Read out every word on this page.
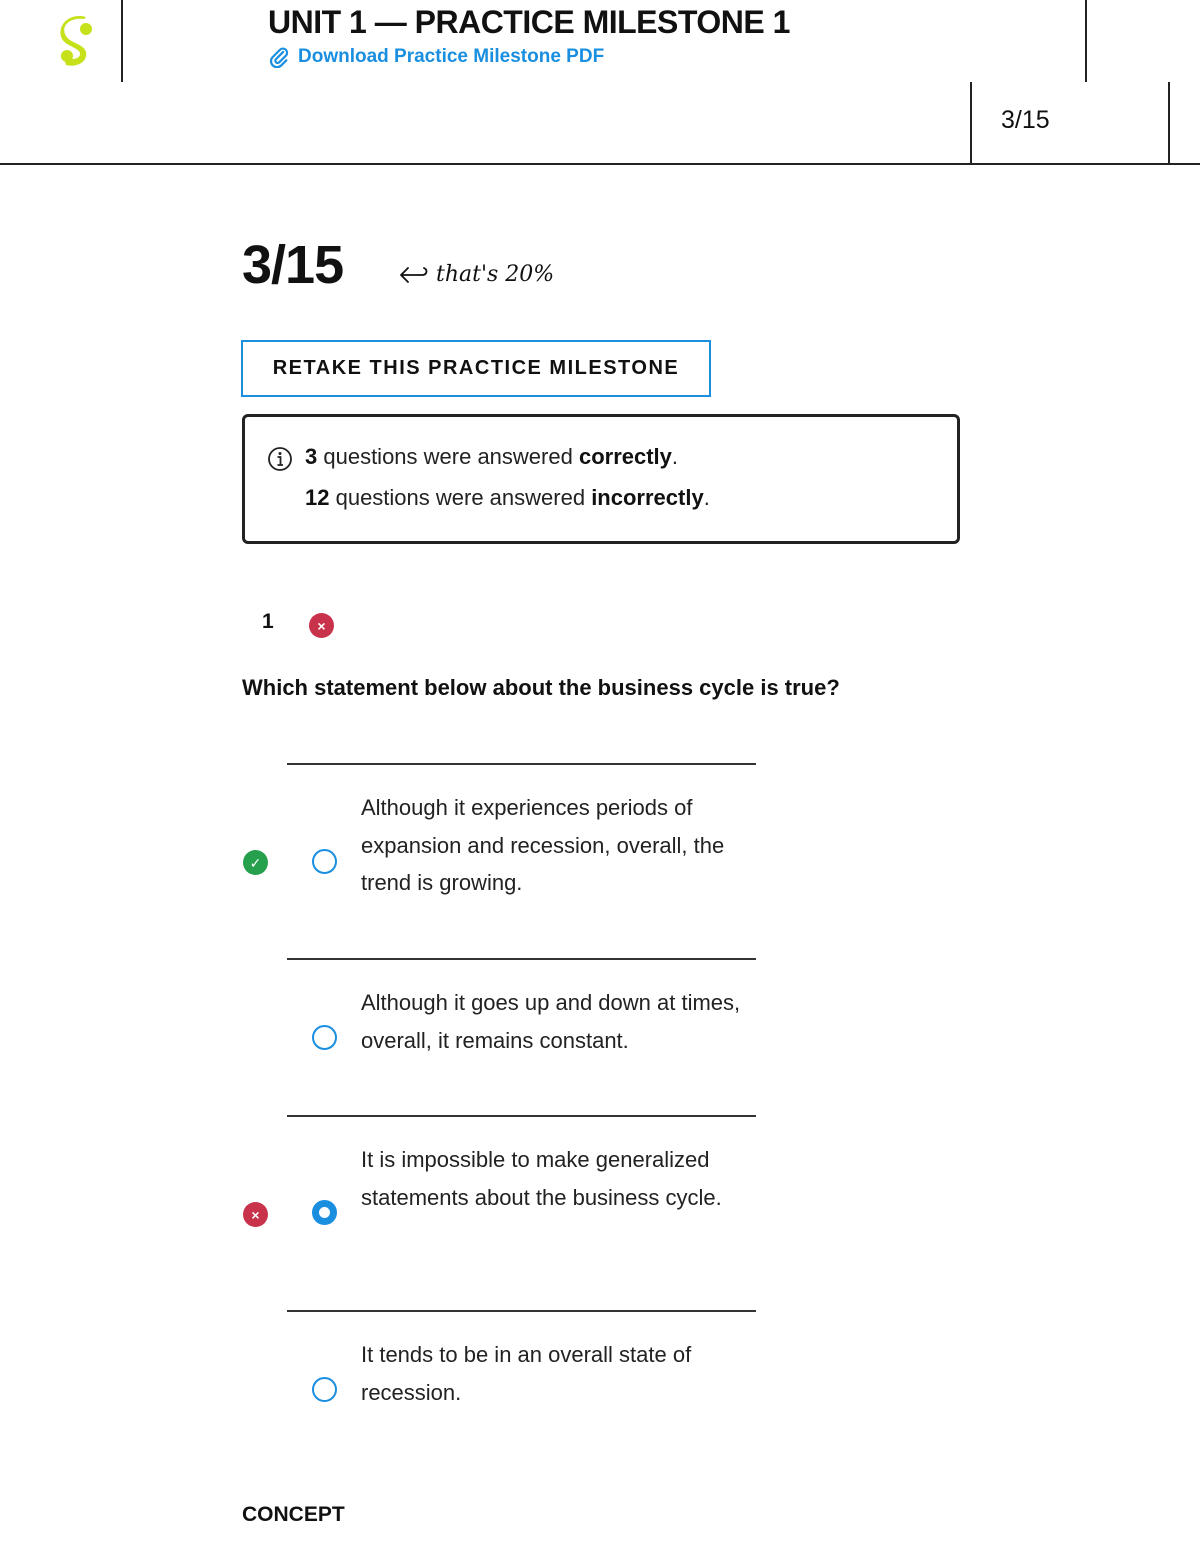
UNIT 1 — PRACTICE MILESTONE 1
Download Practice Milestone PDF
3/15
3/15	that's 20%
RETAKE THIS PRACTICE MILESTONE
3 questions were answered correctly.
12 questions were answered incorrectly.
1	×
Which statement below about the business cycle is true?
✓
Although it experiences periods of expansion and recession, overall, the trend is growing.
Although it goes up and down at times, overall, it remains constant.
×
It is impossible to make generalized statements about the business cycle.
It tends to be in an overall state of recession.
CONCEPT
